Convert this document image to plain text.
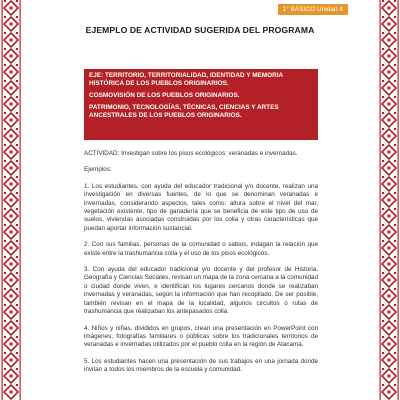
1° BÁSICO Unidad 4
EJEMPLO DE ACTIVIDAD SUGERIDA DEL PROGRAMA

EJE: TERRITORIO, TERRITORIALIDAD, IDENTIDAD Y MEMORIA HISTÓRICA DE LOS PUEBLOS ORIGINARIOS.

COSMOVISIÓN DE LOS PUEBLOS ORIGINARIOS.

PATRIMONIO, TECNOLOGÍAS, TÉCNICAS, CIENCIAS Y ARTES ANCESTRALES DE LOS PUEBLOS ORIGINARIOS.

ACTIVIDAD: Investigan sobre los pisos ecológicos: veranadas e invernadas.

Ejemplos:

1. Los estudiantes, con ayuda del educador tradicional y/o docente, realizan una investigación en diversas fuentes, de lo que se denominan veranadas e invernadas, considerando aspectos, tales como: altura sobre el nivel del mar, vegetación existente, tipo de ganadería que se beneficia de este tipo de uso de suelos, viviendas asociadas construidas por los colla y otras características que puedan aportar información sustancial.

2. Con sus familias, personas de la comunidad o sabios, indagan la relación que existe entre la trashumancia colla y el uso de los pisos ecológicos.

3. Con ayuda del educador tradicional y/o docente y del profesor de Historia, Geografía y Ciencias Sociales, revisan un mapa de la zona cercana a la comunidad o ciudad donde viven, e identifican los lugares cercanos donde se realizaban invernadas y veranadas, según la información que han recopilado. De ser posible, también revisan en el mapa de la localidad, algunos circuitos o rutas de trashumancia que realizaban los antepasados colla.

4. Niños y niñas, divididos en grupos, crean una presentación en PowerPoint con imágenes, fotografías familiares o públicas sobre los tradicionales territorios de veranadas e invernadas utilizados por el pueblo colla en la región de Atacama.

5. Los estudiantes hacen una presentación de sus trabajos en una jornada donde invitan a todos los miembros de la escuela y comunidad.
